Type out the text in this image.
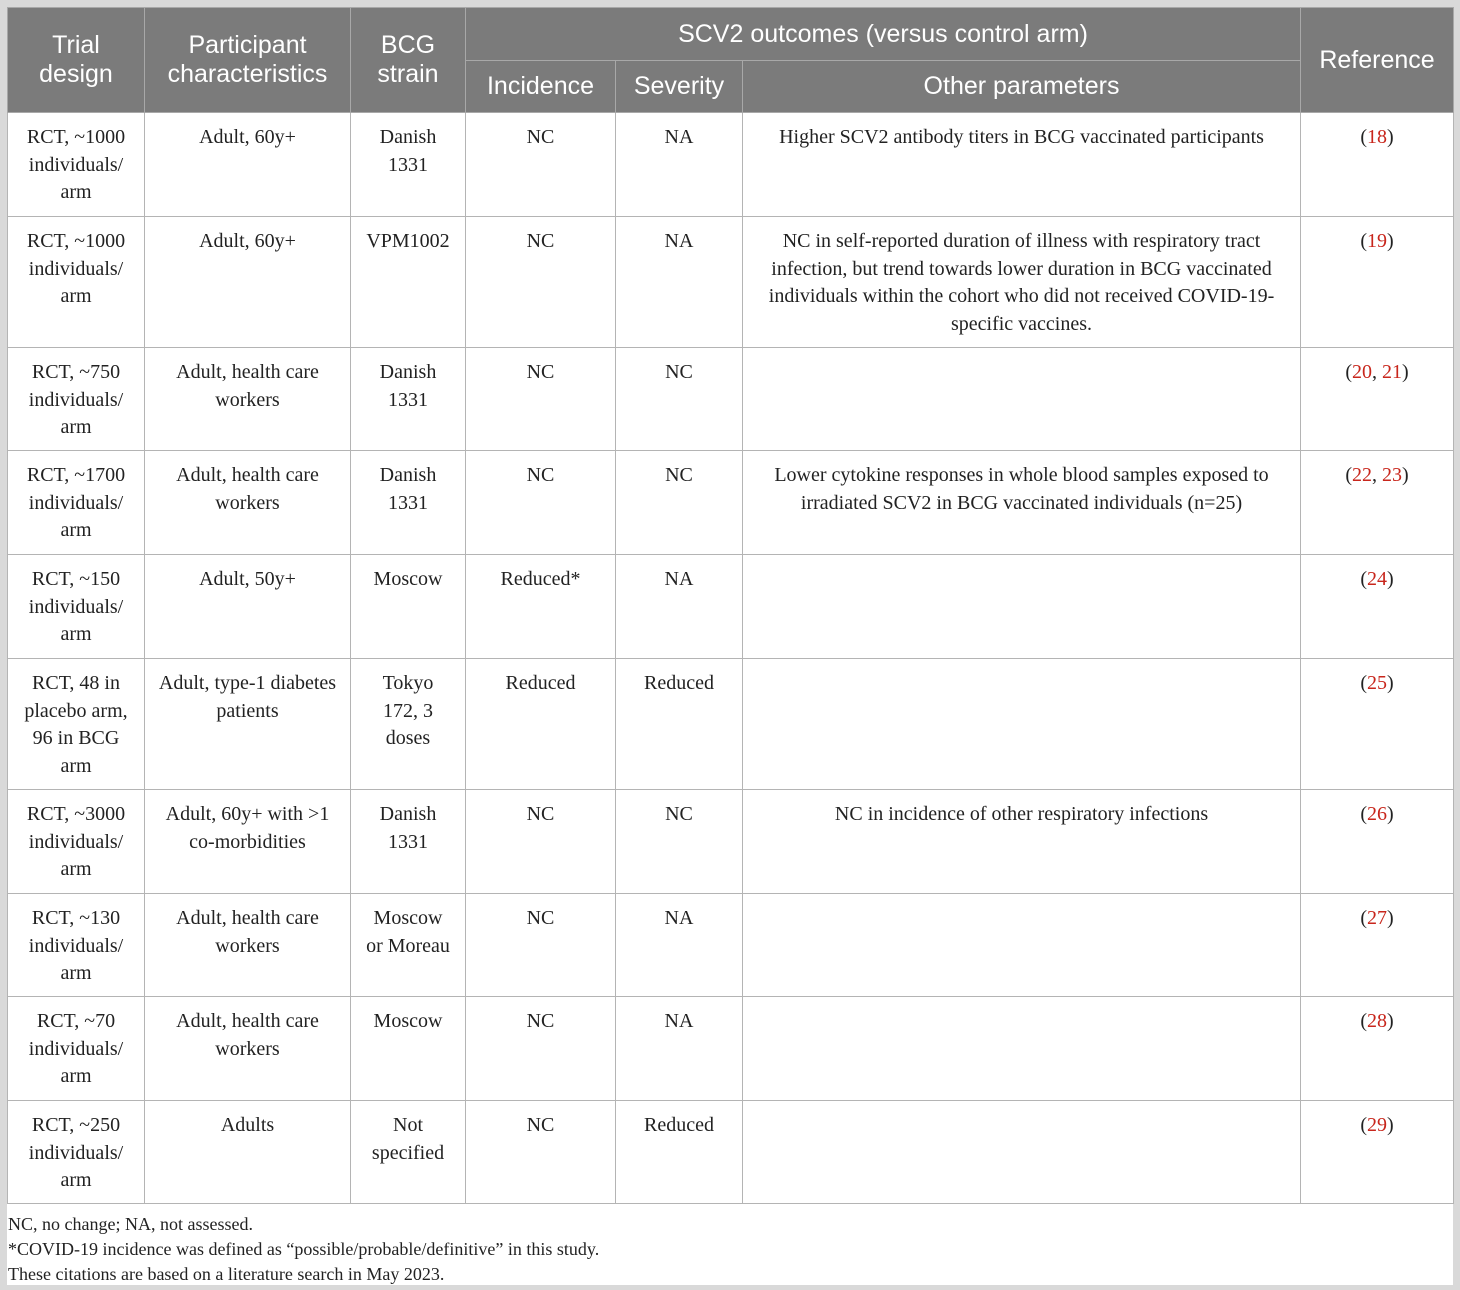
Trial design	Participant characteristics	BCG strain	SCV2 outcomes (versus control arm)			Reference
			Incidence	Severity	Other parameters	
RCT, ~1000 individuals/ arm	Adult, 60y+	Danish 1331	NC	NA	Higher SCV2 antibody titers in BCG vaccinated participants	(18)
RCT, ~1000 individuals/ arm	Adult, 60y+	VPM1002	NC	NA	NC in self-reported duration of illness with respiratory tract infection, but trend towards lower duration in BCG vaccinated individuals within the cohort who did not received COVID-19-specific vaccines.	(19)
RCT, ~750 individuals/ arm	Adult, health care workers	Danish 1331	NC	NC		(20, 21)
RCT, ~1700 individuals/ arm	Adult, health care workers	Danish 1331	NC	NC	Lower cytokine responses in whole blood samples exposed to irradiated SCV2 in BCG vaccinated individuals (n=25)	(22, 23)
RCT, ~150 individuals/ arm	Adult, 50y+	Moscow	Reduced*	NA		(24)
RCT, 48 in placebo arm, 96 in BCG arm	Adult, type-1 diabetes patients	Tokyo 172, 3 doses	Reduced	Reduced		(25)
RCT, ~3000 individuals/ arm	Adult, 60y+ with >1 co-morbidities	Danish 1331	NC	NC	NC in incidence of other respiratory infections	(26)
RCT, ~130 individuals/ arm	Adult, health care workers	Moscow or Moreau	NC	NA		(27)
RCT, ~70 individuals/ arm	Adult, health care workers	Moscow	NC	NA		(28)
RCT, ~250 individuals/ arm	Adults	Not specified	NC	Reduced		(29)
NC, no change; NA, not assessed.
*COVID-19 incidence was defined as “possible/probable/definitive” in this study.
These citations are based on a literature search in May 2023.
